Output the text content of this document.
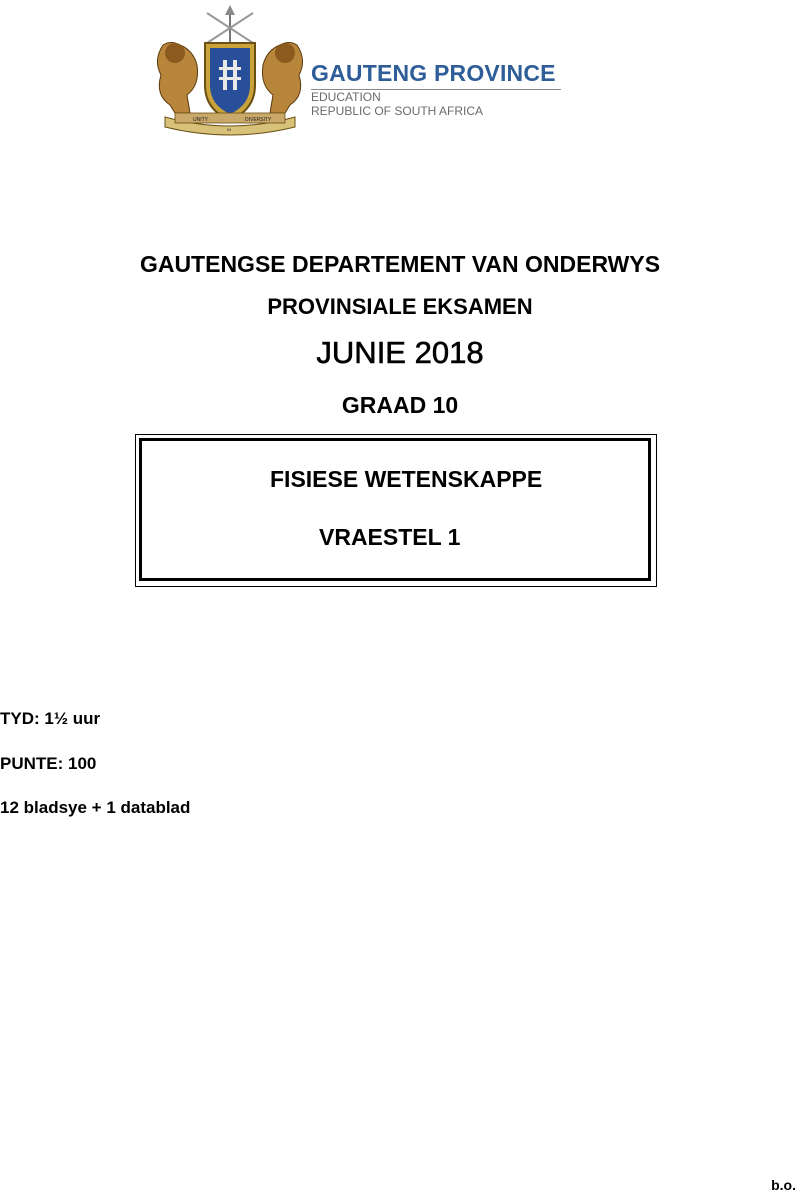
UNITY
IN
DIVERSITY
GAUTENG PROVINCE
EDUCATION
REPUBLIC OF SOUTH AFRICA
GAUTENGSE DEPARTEMENT VAN ONDERWYS
PROVINSIALE EKSAMEN
JUNIE 2018
GRAAD 10
FISIESE WETENSKAPPE
VRAESTEL 1
TYD: 1½ uur
PUNTE: 100
12 bladsye + 1 datablad
b.o.
